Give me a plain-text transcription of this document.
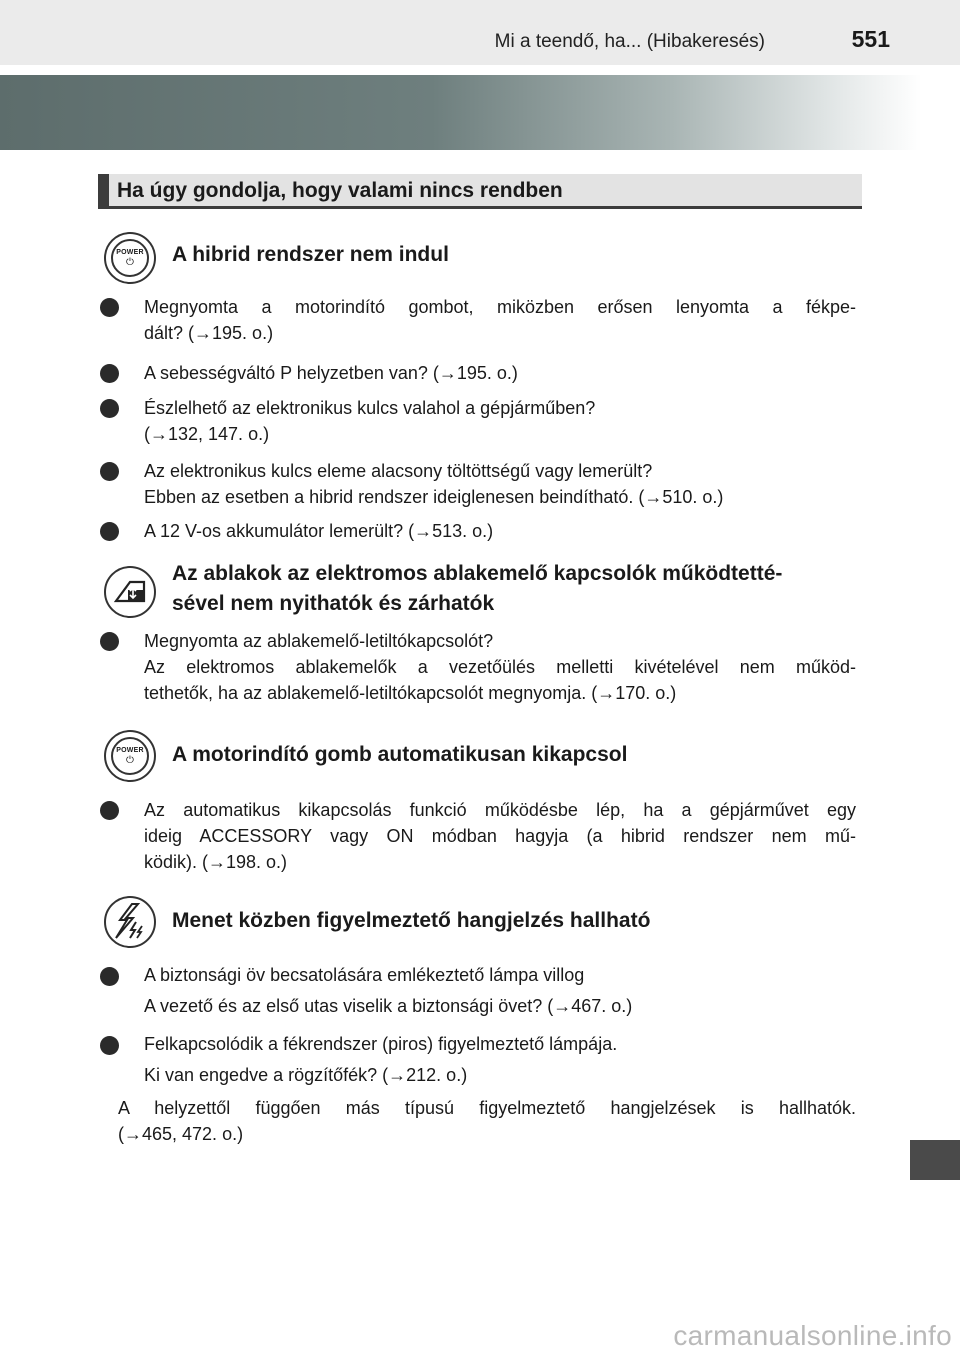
Mi a teendő, ha... (Hibakeresés)	551
Ha úgy gondolja, hogy valami nincs rendben
POWER
⏻ A hibrid rendszer nem indul
Megnyomta a motorindító gombot, miközben erősen lenyomta a fékpe-
dált? (→195. o.)
A sebességváltó P helyzetben van? (→195. o.)
Észlelhető az elektronikus kulcs valahol a gépjárműben?
(→132, 147. o.)
Az elektronikus kulcs eleme alacsony töltöttségű vagy lemerült?
Ebben az esetben a hibrid rendszer ideiglenesen beindítható. (→510. o.)
A 12 V-os akkumulátor lemerült? (→513. o.)
Az ablakok az elektromos ablakemelő kapcsolók működtetté-
sével nem nyithatók és zárhatók
Megnyomta az ablakemelő-letiltókapcsolót?
Az elektromos ablakemelők a vezetőülés melletti kivételével nem működ-
tethetők, ha az ablakemelő-letiltókapcsolót megnyomja. (→170. o.)
POWER
⏻ A motorindító gomb automatikusan kikapcsol
Az automatikus kikapcsolás funkció működésbe lép, ha a gépjárművet egy
ideig ACCESSORY vagy ON módban hagyja (a hibrid rendszer nem mű-
ködik). (→198. o.)
Menet közben figyelmeztető hangjelzés hallható
A biztonsági öv becsatolására emlékeztető lámpa villog
A vezető és az első utas viselik a biztonsági övet? (→467. o.)
Felkapcsolódik a fékrendszer (piros) figyelmeztető lámpája.
Ki van engedve a rögzítőfék? (→212. o.)
A helyzettől függően más típusú figyelmeztető hangjelzések is hallhatók.
(→465, 472. o.)
carmanualsonline.info
